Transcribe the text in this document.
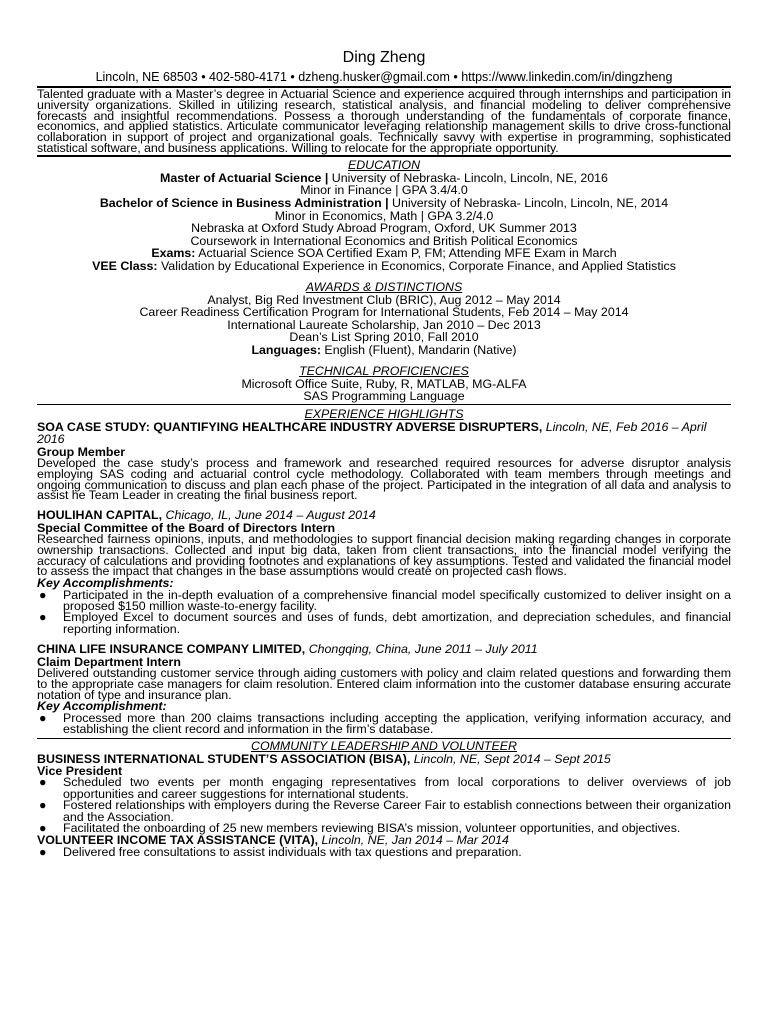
Ding Zheng

Lincoln, NE 68503 • 402-580-4171 • dzheng.husker@gmail.com • https://www.linkedin.com/in/dingzheng
Talented graduate with a Master’s degree in Actuarial Science and experience acquired through internships and participation in university organizations. Skilled in utilizing research, statistical analysis, and financial modeling to deliver comprehensive forecasts and insightful recommendations. Possess a thorough understanding of the fundamentals of corporate finance, economics, and applied statistics. Articulate communicator leveraging relationship management skills to drive cross-functional collaboration in support of project and organizational goals. Technically savvy with expertise in programming, sophisticated statistical software, and business applications. Willing to relocate for the appropriate opportunity.
EDUCATION
Master of Actuarial Science | University of Nebraska- Lincoln, Lincoln, NE, 2016
Minor in Finance | GPA 3.4/4.0
Bachelor of Science in Business Administration | University of Nebraska- Lincoln, Lincoln, NE, 2014
Minor in Economics, Math | GPA 3.2/4.0
Nebraska at Oxford Study Abroad Program, Oxford, UK Summer 2013
Coursework in International Economics and British Political Economics
Exams: Actuarial Science SOA Certified Exam P, FM; Attending MFE Exam in March
VEE Class: Validation by Educational Experience in Economics, Corporate Finance, and Applied Statistics
AWARDS & DISTINCTIONS
Analyst, Big Red Investment Club (BRIC), Aug 2012 – May 2014
Career Readiness Certification Program for International Students, Feb 2014 – May 2014
International Laureate Scholarship, Jan 2010 – Dec 2013
Dean’s List Spring 2010, Fall 2010
Languages: English (Fluent), Mandarin (Native)
TECHNICAL PROFICIENCIES
Microsoft Office Suite, Ruby, R, MATLAB, MG-ALFA
SAS Programming Language
EXPERIENCE HIGHLIGHTS
SOA CASE STUDY: QUANTIFYING HEALTHCARE INDUSTRY ADVERSE DISRUPTERS, Lincoln, NE, Feb 2016 – April 2016
Group Member
Developed the case study’s process and framework and researched required resources for adverse disruptor analysis employing SAS coding and actuarial control cycle methodology. Collaborated with team members through meetings and ongoing communication to discuss and plan each phase of the project. Participated in the integration of all data and analysis to assist he Team Leader in creating the final business report.
HOULIHAN CAPITAL, Chicago, IL, June 2014 – August 2014
Special Committee of the Board of Directors Intern
Researched fairness opinions, inputs, and methodologies to support financial decision making regarding changes in corporate ownership transactions. Collected and input big data, taken from client transactions, into the financial model verifying the accuracy of calculations and providing footnotes and explanations of key assumptions. Tested and validated the financial model to assess the impact that changes in the base assumptions would create on projected cash flows.
Key Accomplishments:
● Participated in the in-depth evaluation of a comprehensive financial model specifically customized to deliver insight on a proposed $150 million waste-to-energy facility.
● Employed Excel to document sources and uses of funds, debt amortization, and depreciation schedules, and financial reporting information.
CHINA LIFE INSURANCE COMPANY LIMITED, Chongqing, China, June 2011 – July 2011
Claim Department Intern
Delivered outstanding customer service through aiding customers with policy and claim related questions and forwarding them to the appropriate case managers for claim resolution. Entered claim information into the customer database ensuring accurate notation of type and insurance plan.
Key Accomplishment:
● Processed more than 200 claims transactions including accepting the application, verifying information accuracy, and establishing the client record and information in the firm’s database.
COMMUNITY LEADERSHIP AND VOLUNTEER
BUSINESS INTERNATIONAL STUDENT’S ASSOCIATION (BISA), Lincoln, NE, Sept 2014 – Sept 2015
Vice President
● Scheduled two events per month engaging representatives from local corporations to deliver overviews of job opportunities and career suggestions for international students.
● Fostered relationships with employers during the Reverse Career Fair to establish connections between their organization and the Association.
● Facilitated the onboarding of 25 new members reviewing BISA’s mission, volunteer opportunities, and objectives.
VOLUNTEER INCOME TAX ASSISTANCE (VITA), Lincoln, NE, Jan 2014 – Mar 2014
● Delivered free consultations to assist individuals with tax questions and preparation.
